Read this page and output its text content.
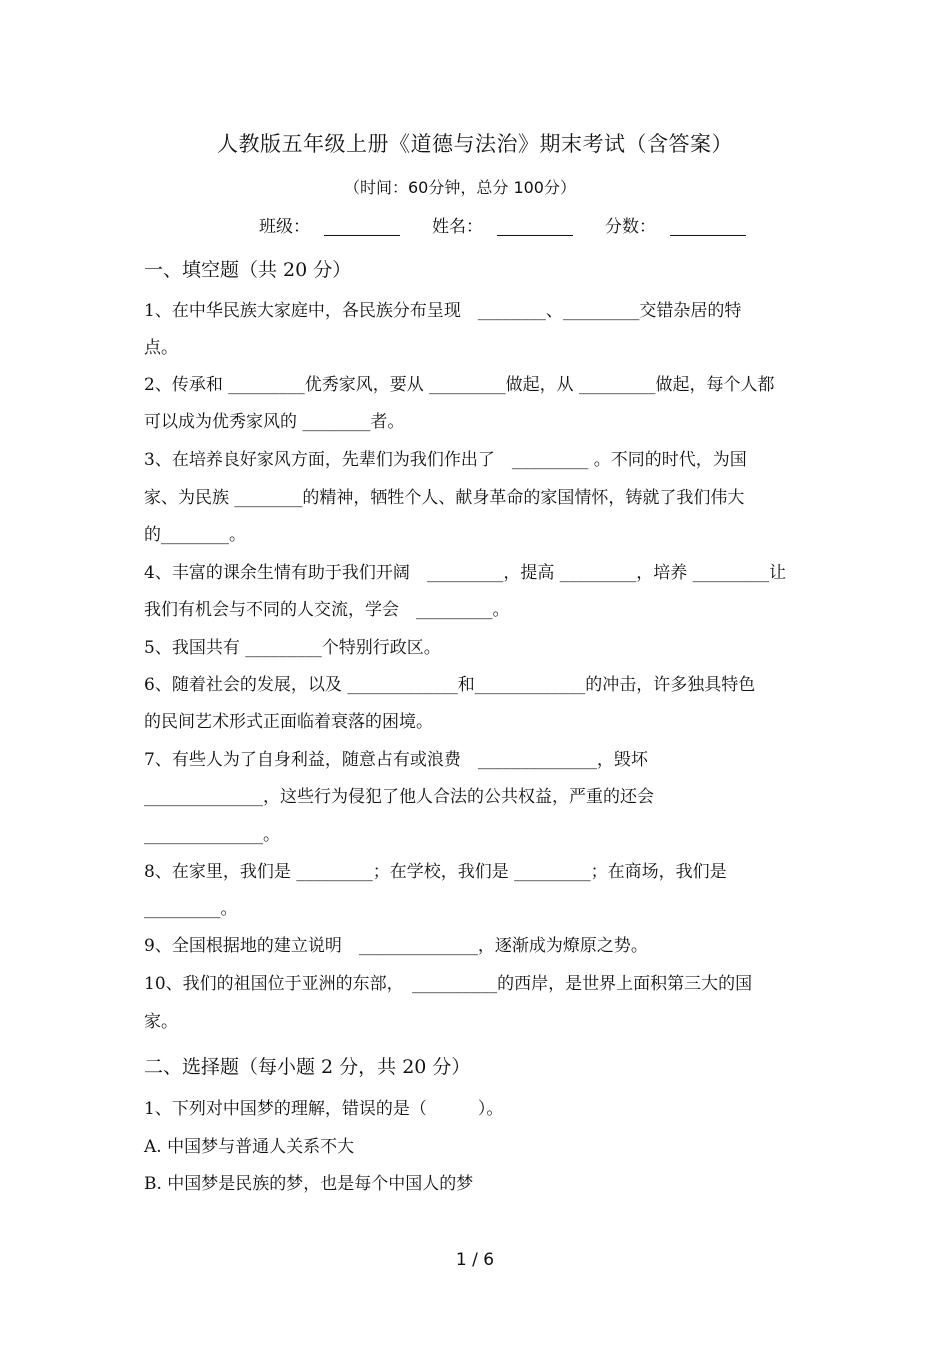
人教版五年级上册《道德与法治》期末考试（含答案）
（时间：60分钟，总分 100分）
班级：	姓名：	分数：
一、填空题（共 20 分）
1、在中华民族大家庭中，各民族分布呈现　________、_________交错杂居的特
点。
2、传承和 _________优秀家风，要从 _________做起，从 _________做起，每个人都
可以成为优秀家风的 ________者。
3、在培养良好家风方面，先辈们为我们作出了　_________ 。不同的时代，为国
家、为民族 ________的精神，牺牲个人、献身革命的家国情怀，铸就了我们伟大
的________。
4、丰富的课余生情有助于我们开阔　_________，提高 _________，培养 _________让
我们有机会与不同的人交流，学会　_________。
5、我国共有 _________个特别行政区。
6、随着社会的发展，以及 _____________和_____________的冲击，许多独具特色
的民间艺术形式正面临着衰落的困境。
7、有些人为了自身利益，随意占有或浪费　______________，毁坏
______________，这些行为侵犯了他人合法的公共权益，严重的还会
______________。
8、在家里，我们是 _________；在学校，我们是 _________；在商场，我们是
_________。
9、全国根据地的建立说明　______________，逐渐成为燎原之势。
10、我们的祖国位于亚洲的东部，　__________的西岸，是世界上面积第三大的国
家。
二、选择题（每小题 2 分，共 20 分）
1、下列对中国梦的理解，错误的是（　　　）。
A. 中国梦与普通人关系不大
B. 中国梦是民族的梦，也是每个中国人的梦
1 / 6
